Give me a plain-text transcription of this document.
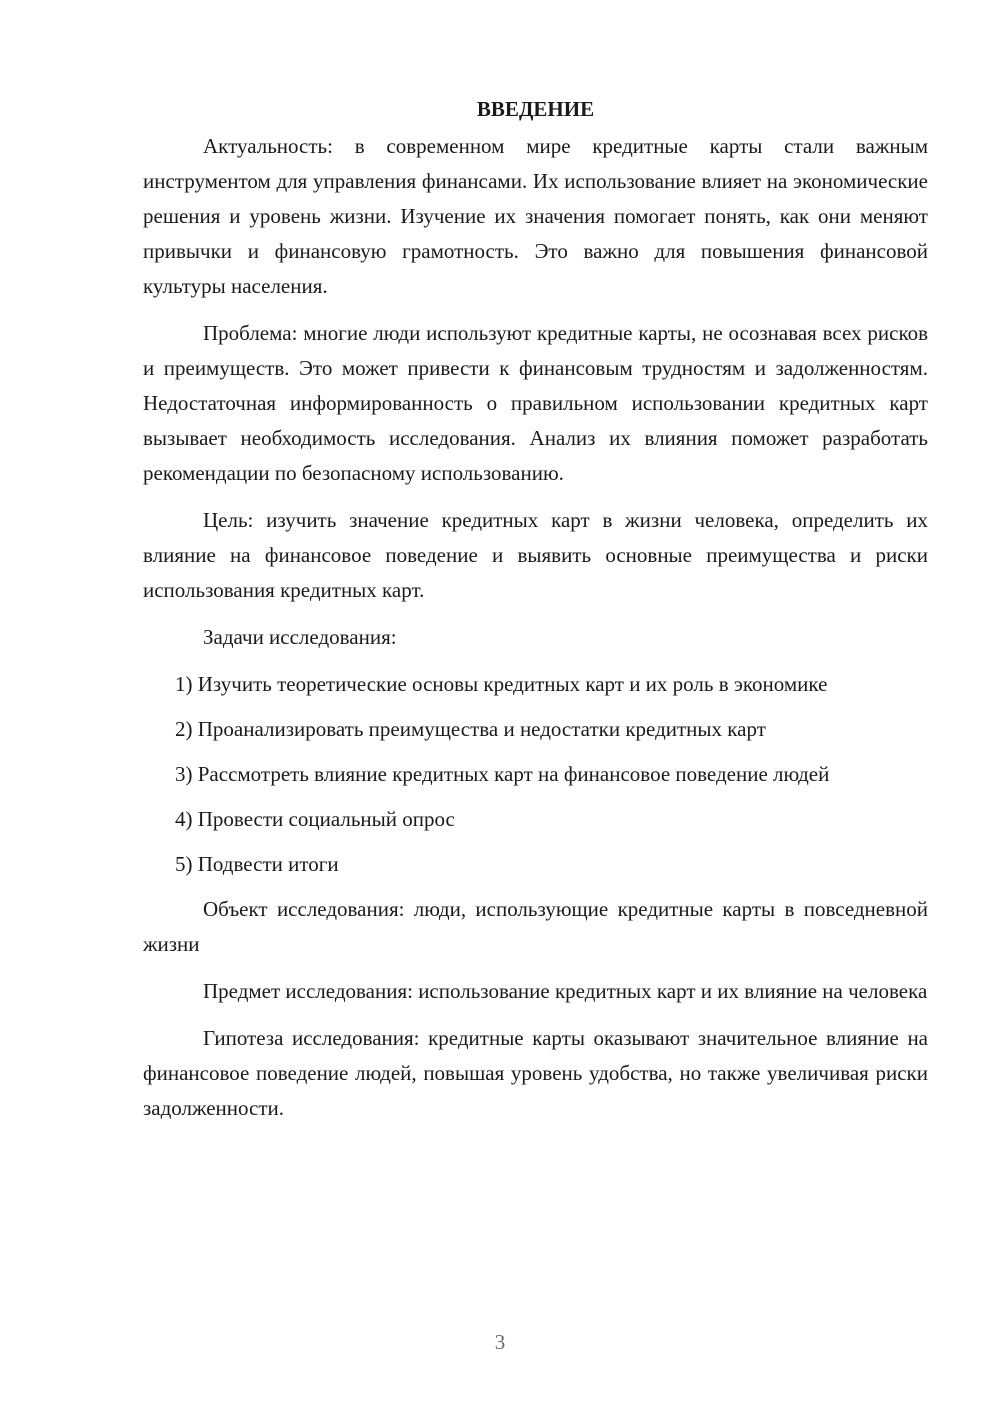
ВВЕДЕНИЕ

Актуальность: в современном мире кредитные карты стали важным инструментом для управления финансами. Их использование влияет на экономические решения и уровень жизни. Изучение их значения помогает понять, как они меняют привычки и финансовую грамотность. Это важно для повышения финансовой культуры населения.

Проблема: многие люди используют кредитные карты, не осознавая всех рисков и преимуществ. Это может привести к финансовым трудностям и задолженностям. Недостаточная информированность о правильном использовании кредитных карт вызывает необходимость исследования. Анализ их влияния поможет разработать рекомендации по безопасному использованию.

Цель: изучить значение кредитных карт в жизни человека, определить их влияние на финансовое поведение и выявить основные преимущества и риски использования кредитных карт.

Задачи исследования:

1) Изучить теоретические основы кредитных карт и их роль в экономике

2) Проанализировать преимущества и недостатки кредитных карт

3) Рассмотреть влияние кредитных карт на финансовое поведение людей

4) Провести социальный опрос

5) Подвести итоги

Объект исследования: люди, использующие кредитные карты в повседневной жизни

Предмет исследования: использование кредитных карт и их влияние на человека

Гипотеза исследования: кредитные карты оказывают значительное влияние на финансовое поведение людей, повышая уровень удобства, но также увеличивая риски задолженности.

3
